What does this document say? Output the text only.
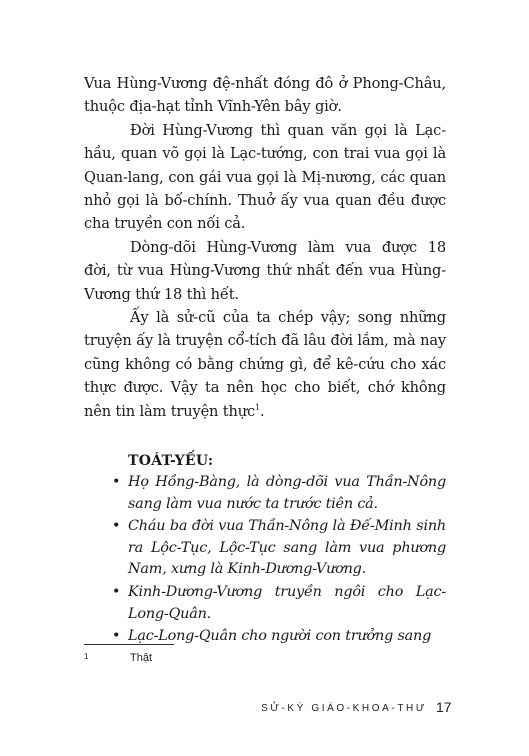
Vua Hùng-Vương đệ-nhất đóng đô ở Phong-Châu, thuộc địa-hạt tỉnh Vĩnh-Yên bây giờ.

Đời Hùng-Vương thì quan văn gọi là Lạc-hầu, quan võ gọi là Lạc-tướng, con trai vua gọi là Quan-lang, con gái vua gọi là Mị-nương, các quan nhỏ gọi là bố-chính. Thuở ấy vua quan đều được cha truyền con nối cả.

Dòng-dõi Hùng-Vương làm vua được 18 đời, từ vua Hùng-Vương thứ nhất đến vua Hùng-Vương thứ 18 thì hết.

Ấy là sử-cũ của ta chép vậy; song những truyện ấy là truyện cổ-tích đã lâu đời lắm, mà nay cũng không có bằng chứng gì, để kê-cứu cho xác thực được. Vậy ta nên học cho biết, chớ không nên tin làm truyện thực$^1$.

TOÁT-YẾU:

• Họ Hồng-Bàng, là dòng-dõi vua Thần-Nông sang làm vua nước ta trước tiên cả.
• Cháu ba đời vua Thần-Nông là Đế-Minh sinh ra Lộc-Tục, Lộc-Tục sang làm vua phương Nam, xưng là Kinh-Dương-Vương.
• Kinh-Dương-Vương truyền ngôi cho Lạc-Long-Quân.
• Lạc-Long-Quân cho người con trưởng sang
1	Thật
SỬ-KÝ GIÁO-KHOA-THƯ 17
